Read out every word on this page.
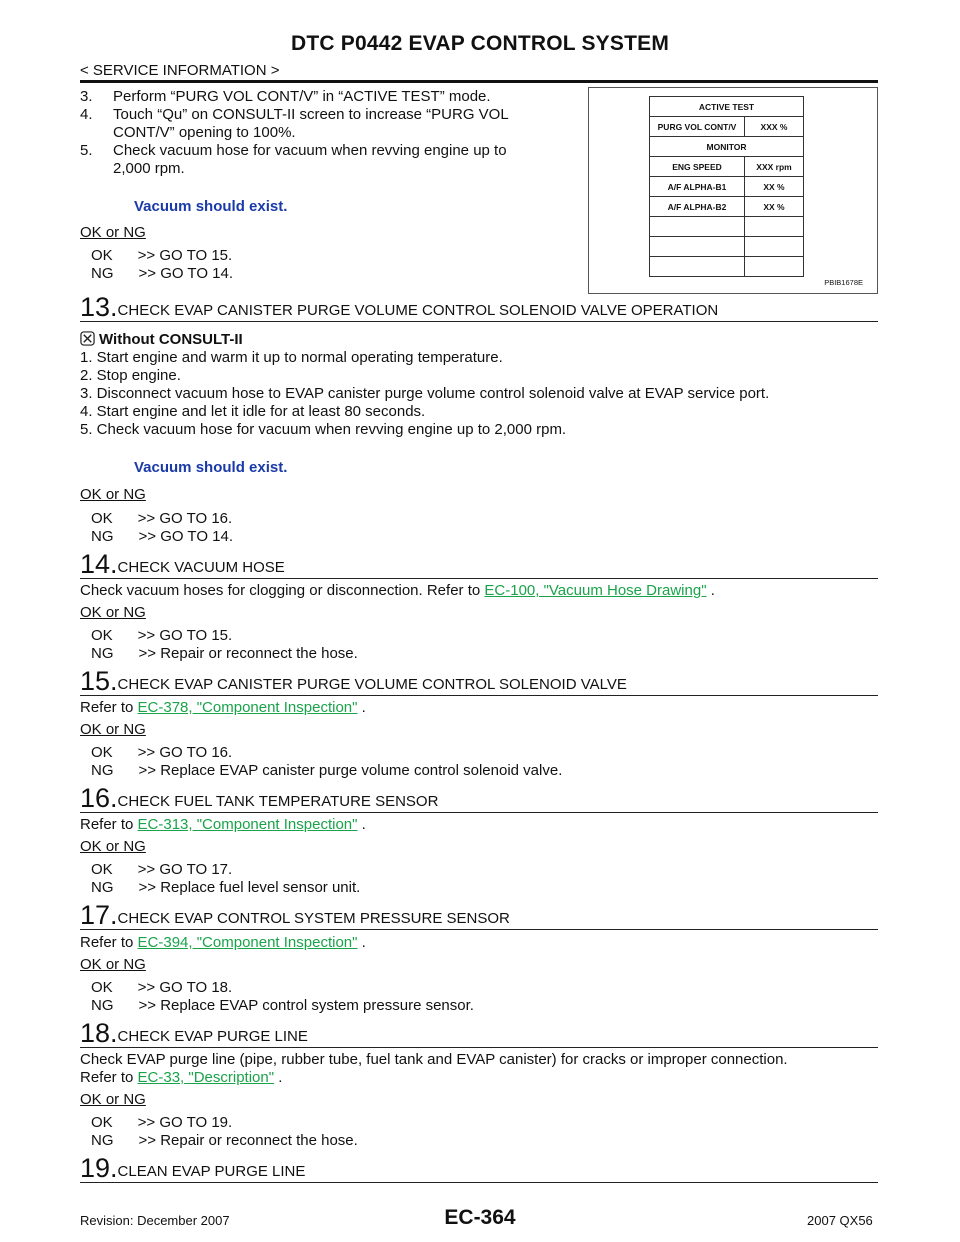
DTC P0442 EVAP CONTROL SYSTEM
< SERVICE INFORMATION >
3. Perform “PURG VOL CONT/V” in “ACTIVE TEST” mode.
4. Touch “Qu” on CONSULT-II screen to increase “PURG VOL
CONT/V” opening to 100%.
5. Check vacuum hose for vacuum when revving engine up to
2,000 rpm.
Vacuum should exist.
OK or NG
OK      >> GO TO 15.
NG      >> GO TO 14.
ACTIVE TEST	
PURG VOL CONT/V	XXX %
MONITOR	
ENG SPEED	XXX rpm
A/F ALPHA-B1	XX %
A/F ALPHA-B2	XX %

PBIB1678E
13.CHECK EVAP CANISTER PURGE VOLUME CONTROL SOLENOID VALVE OPERATION
Without CONSULT-II
1. Start engine and warm it up to normal operating temperature.
2. Stop engine.
3. Disconnect vacuum hose to EVAP canister purge volume control solenoid valve at EVAP service port.
4. Start engine and let it idle for at least 80 seconds.
5. Check vacuum hose for vacuum when revving engine up to 2,000 rpm.
Vacuum should exist.
OK or NG
OK      >> GO TO 16.
NG      >> GO TO 14.
14.CHECK VACUUM HOSE
Check vacuum hoses for clogging or disconnection. Refer to EC-100, "Vacuum Hose Drawing" .
OK or NG
OK      >> GO TO 15.
NG      >> Repair or reconnect the hose.
15.CHECK EVAP CANISTER PURGE VOLUME CONTROL SOLENOID VALVE
Refer to EC-378, "Component Inspection" .
OK or NG
OK      >> GO TO 16.
NG      >> Replace EVAP canister purge volume control solenoid valve.
16.CHECK FUEL TANK TEMPERATURE SENSOR
Refer to EC-313, "Component Inspection" .
OK or NG
OK      >> GO TO 17.
NG      >> Replace fuel level sensor unit.
17.CHECK EVAP CONTROL SYSTEM PRESSURE SENSOR
Refer to EC-394, "Component Inspection" .
OK or NG
OK      >> GO TO 18.
NG      >> Replace EVAP control system pressure sensor.
18.CHECK EVAP PURGE LINE
Check EVAP purge line (pipe, rubber tube, fuel tank and EVAP canister) for cracks or improper connection.
Refer to EC-33, "Description" .
OK or NG
OK      >> GO TO 19.
NG      >> Repair or reconnect the hose.
19.CLEAN EVAP PURGE LINE
Revision: December 2007	EC-364	2007 QX56
